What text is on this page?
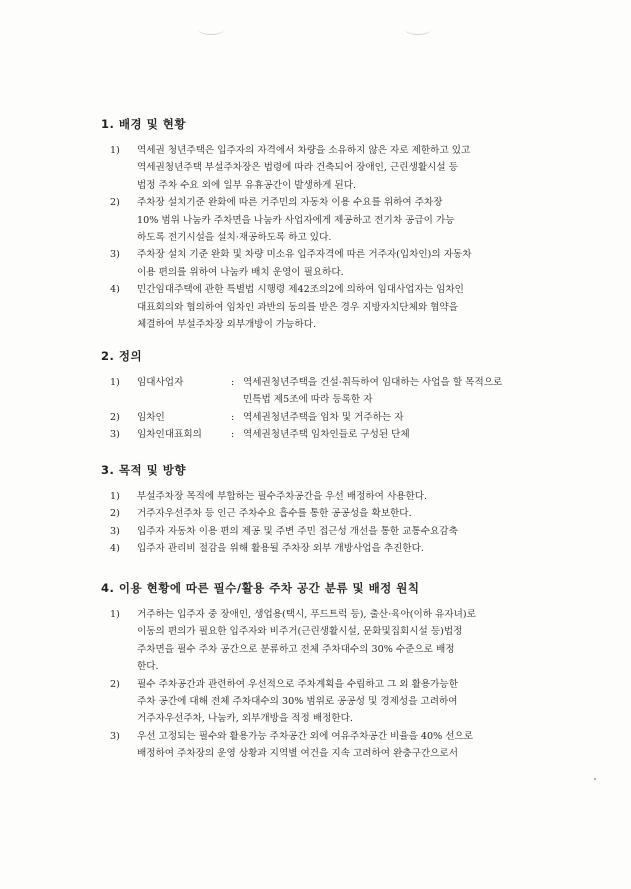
1. 배경 및 현황
1)	역세권 청년주택은 입주자의 자격에서 차량을 소유하지 않은 자로 제한하고 있고
역세권청년주택 부설주차장은 법령에 따라 건축되어 장애인, 근린생활시설 등
법정 주차 수요 외에 일부 유휴공간이 발생하게 된다.
2)	주차장 설치기준 완화에 따른 거주민의 자동차 이용 수요를 위하여 주차장
10% 범위 나눔카 주차면을 나눔카 사업자에게 제공하고 전기차 공급이 가능
하도록 전기시설을 설치·재공하도록 하고 있다.
3)	주차장 설치 기준 완화 및 차량 미소유 입주자격에 따른 거주자(입차인)의 자동차
이용 편의를 위하여 나눔카 배치 운영이 필요하다.
4)	민간임대주택에 관한 특별법 시행령 제42조의2에 의하여 임대사업자는 임차인
대표회의와 협의하여 임차인 과반의 동의를 받은 경우 지방자치단체와 협약을
체결하여 부설주차장 외부개방이 가능하다.
2. 정의
1)	임대사업자	: 역세권청년주택을 건설·취득하여 임대하는 사업을 할 목적으로
민특법 제5조에 따라 등록한 자
2)	임차인	: 역세권청년주택을 임차 및 거주하는 자
3)	임차인대표회의	: 역세권청년주택 임차인들로 구성된 단체
3. 목적 및 방향
1)	부설주차장 목적에 부합하는 필수주차공간을 우선 배정하여 사용한다.
2)	거주자우선주차 등 인근 주차수요 흡수를 통한 공공성을 확보한다.
3)	입주자 자동차 이용 편의 제공 및 주변 주민 접근성 개선을 통한 교통수요감축
4)	입주자 관리비 절감을 위해 활용될 주차장 외부 개방사업을 추진한다.
4. 이용 현황에 따른 필수/활용 주차 공간 분류 및 배정 원칙
1)	거주하는 입주자 중 장애인, 생업용(택시, 푸드트럭 등), 출산·육아(이하 유자녀)로
이동의 편의가 필요한 입주자와 비주거(근린생활시설, 문화및집회시설 등)법정
주차면을 필수 주차 공간으로 분류하고 전체 주차대수의 30% 수준으로 배정
한다.
2)	필수 주차공간과 관련하여 우선적으로 주차계획을 수립하고 그 외 활용가능한
주차 공간에 대해 전체 주차대수의 30% 범위로 공공성 및 경제성을 고려하여
거주자우선주차, 나눔카, 외부개방을 적정 배정한다.
3)	우선 고정되는 필수와 활용가능 주차공간 외에 여유주차공간 비율을 40% 선으로
배정하여 주차장의 운영 상황과 지역별 여건을 지속 고려하여 완충구간으로서
